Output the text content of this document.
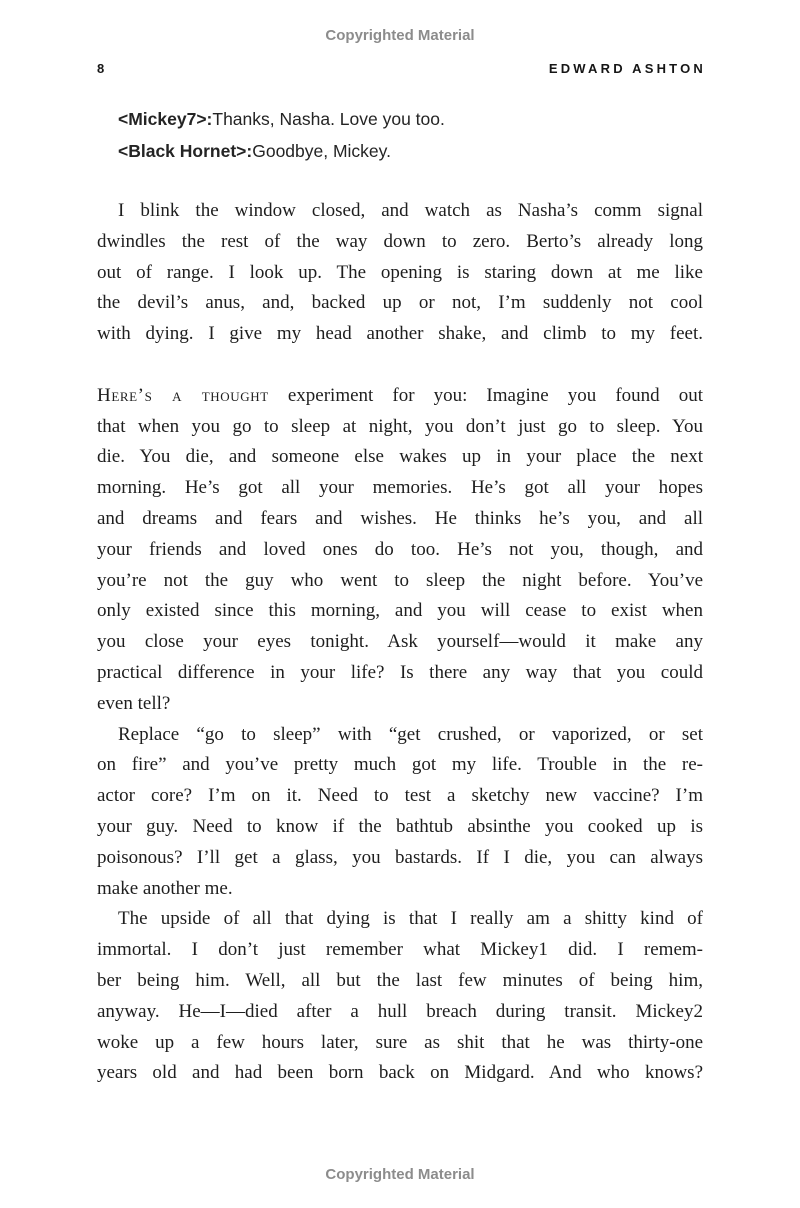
Copyrighted Material
8	EDWARD ASHTON
<Mickey7>:Thanks, Nasha. Love you too.
<Black Hornet>:Goodbye, Mickey.
I blink the window closed, and watch as Nasha’s comm signal
dwindles the rest of the way down to zero. Berto’s already long
out of range. I look up. The opening is staring down at me like
the devil’s anus, and, backed up or not, I’m suddenly not cool
with dying. I give my head another shake, and climb to my feet.
Here’s a thought experiment for you: Imagine you found out
that when you go to sleep at night, you don’t just go to sleep. You
die. You die, and someone else wakes up in your place the next
morning. He’s got all your memories. He’s got all your hopes
and dreams and fears and wishes. He thinks he’s you, and all
your friends and loved ones do too. He’s not you, though, and
you’re not the guy who went to sleep the night before. You’ve
only existed since this morning, and you will cease to exist when
you close your eyes tonight. Ask yourself—would it make any
practical difference in your life? Is there any way that you could
even tell?
Replace “go to sleep” with “get crushed, or vaporized, or set
on fire” and you’ve pretty much got my life. Trouble in the re-
actor core? I’m on it. Need to test a sketchy new vaccine? I’m
your guy. Need to know if the bathtub absinthe you cooked up is
poisonous? I’ll get a glass, you bastards. If I die, you can always
make another me.
The upside of all that dying is that I really am a shitty kind of
immortal. I don’t just remember what Mickey1 did. I remem-
ber being him. Well, all but the last few minutes of being him,
anyway. He—I—died after a hull breach during transit. Mickey2
woke up a few hours later, sure as shit that he was thirty-one
years old and had been born back on Midgard. And who knows?
Copyrighted Material
